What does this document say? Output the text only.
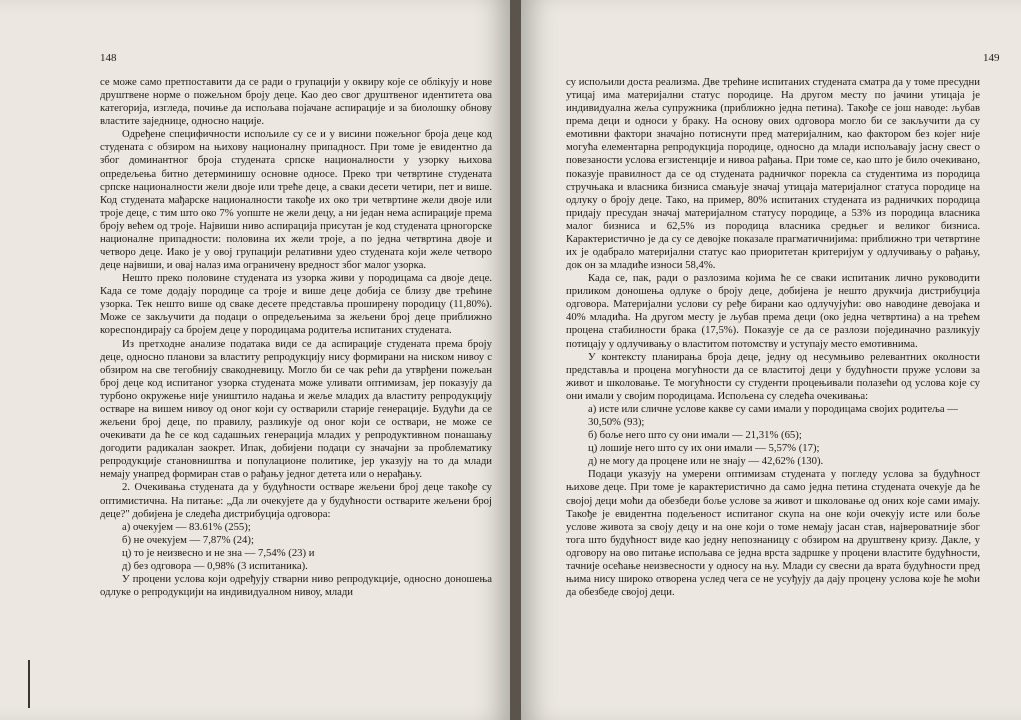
148

се може само претпоставити да се ради о групацији у оквиру које се облікују и нове друштвене норме о пожељном броју деце. Као део свог друштвеног идентитета ова категорија, изгледа, почиње да испољава појачане аспирације и за биолошку обнову властите заједнице, односно нације.

Одређене специфичности испољиле су се и у висини пожељног броја деце код студената с обзиром на њихову националну припадност. При томе је евидентно да због доминантног броја студената српске националности у узорку њихова опредељења битно детерминишу основне односе. Преко три четвртине студената српске националности жели двоје или треће деце, а сваки десети четири, пет и више. Код студената мађарске националности такође их око три четвртине жели двоје или троје деце, с тим што око 7% уопште не жели децу, а ни један нема аспирације према броју већем од троје. Највиши ниво аспирација присутан је код студената црногорске националне припадности: половина их жели троје, а по једна четвртина двоје и четворо деце. Иако је у овој групацији релативни удео студената који желе четворо деце највиши, и овај налаз има ограничену вредност због малог узорка.

Нешто преко половине студената из узорка живи у породицама са двоје деце. Када се томе додају породице са троје и више деце добија се близу две трећине узорка. Тек нешто више од сваке десете представља проширену породицу (11,80%). Може се закључити да подаци о опредељењима за жељени број деце приближно кореспондирају са бројем деце у породицама родитеља испитаних студената.

Из претходне анализе података види се да аспирације студената према броју деце, односно планови за властиту репродукцију нису формирани на ниском нивоу с обзиром на све тегобнију свакодневицу. Могло би се чак рећи да утврђени пожељан број деце код испитаног узорка студената може уливати оптимизам, јер показују да турбоно окружење није уништило надања и жеље младих да властиту репродукцију остваре на вишем нивоу од оног који су остварили старије генерације. Будући да се жељени број деце, по правилу, разликује од оног који се оствари, не може се очекивати да ће се код садашњих генерација младих у репродуктивном понашању догодити радикалан заокрет. Ипак, добијени подаци су значајни за проблематику репродукције становништва и популационе политике, јер указују на то да млади немају унапред формиран став о рађању једног детета или о нерађању.

2. Очекивања студената да у будућности остваре жељени број деце такође су оптимистична. На питање: „Да ли очекујете да у будућности остварите жељени број деце?" добијена је следећа дистрибуција одговора:

а) очекујем — 83.61% (255);

б) не очекујем — 7,87% (24);

ц) то је неизвесно и не зна — 7,54% (23) и

д) без одговора — 0,98% (3 испитаника).

У процени услова који одређују стварни ниво репродукције, односно доношења одлуке о репродукцији на индивидуалном нивоу, млади

149

су испољили доста реализма. Две трећине испитаних студената сматра да у томе пресудни утицај има материјални статус породице. На другом месту по јачини утицаја је индивидуална жеља супружника (приближно једна петина). Такође се још наводе: љубав према деци и односи у браку. На основу ових одговора могло би се закључити да су емотивни фактори значајно потиснути пред материјалним, као фактором без којег није могућа елементарна репродукција породице, односно да млади испољавају јасну свест о повезаности услова егзистенције и нивоа рађања. При томе се, као што је било очекивано, показује правилност да се од студената радничког порекла са студентима из породица стручњака и власника бизниса смањује значај утицаја материјалног статуса породице на одлуку о броју деце. Тако, на пример, 80% испитаних студената из радничких породица придају пресудан значај материјалном статусу породице, а 53% из породица власника малог бизниса и 62,5% из породица власника средњег и великог бизниса. Карактеристично је да су се девојке показале прагматичнијима: приближно три четвртине их је одабрало материјални статус као приоритетан критеријум у одлучивању о рађању, док он за младиће износи 58,4%.

Када се, пак, ради о разлозима којима ће се сваки испитаник лично руководити приликом доношења одлуке о броју деце, добијена је нешто друкчија дистрибуција одговора. Материјални услови су ређе бирани као одлучујући: ово наводине девојака и 40% младића. На другом месту је љубав према деци (око једна четвртина) а на трећем процена стабилности брака (17,5%). Показује се да се разлози појединачно разликују потицају у одлучивању о властитом потомству и уступају место емотивнима.

У контексту планирања броја деце, једну од несумњиво релевантних околности представља и процена могућности да се властитој деци у будућности пруже услови за живот и школовање. Те могућности су студенти процењивали полазећи од услова које су они имали у својим породицама. Испољена су следећа очекивања:

а) исте или сличне услове какве су сами имали у породицама својих родитеља — 30,50% (93);

б) боље него што су они имали — 21,31% (65);

ц) лошије него што су их они имали — 5,57% (17);

д) не могу да процене или не знају — 42,62% (130).

Подаци указују на умерени оптимизам студената у погледу услова за будућност њихове деце. При томе је карактеристично да само једна петина студената очекује да ће својој деци моћи да обезбеди боље услове за живот и школовање од оних које сами имају. Такође је евидентна подељеност испитаног скупа на оне који очекују исте или боље услове живота за своју децу и на оне који о томе немају јасан став, највероватније због тога што будућност виде као једну непознаницу с обзиром на друштвену кризу. Дакле, у одговору на ово питање испољава се једна врста задршке у процени властите будућности, тачније осећање неизвесности у односу на њу. Млади су свесни да врата будућности пред њима нису широко отворена услед чега се не усуђују да дају процену услова које ће моћи да обезбеде својој деци.
